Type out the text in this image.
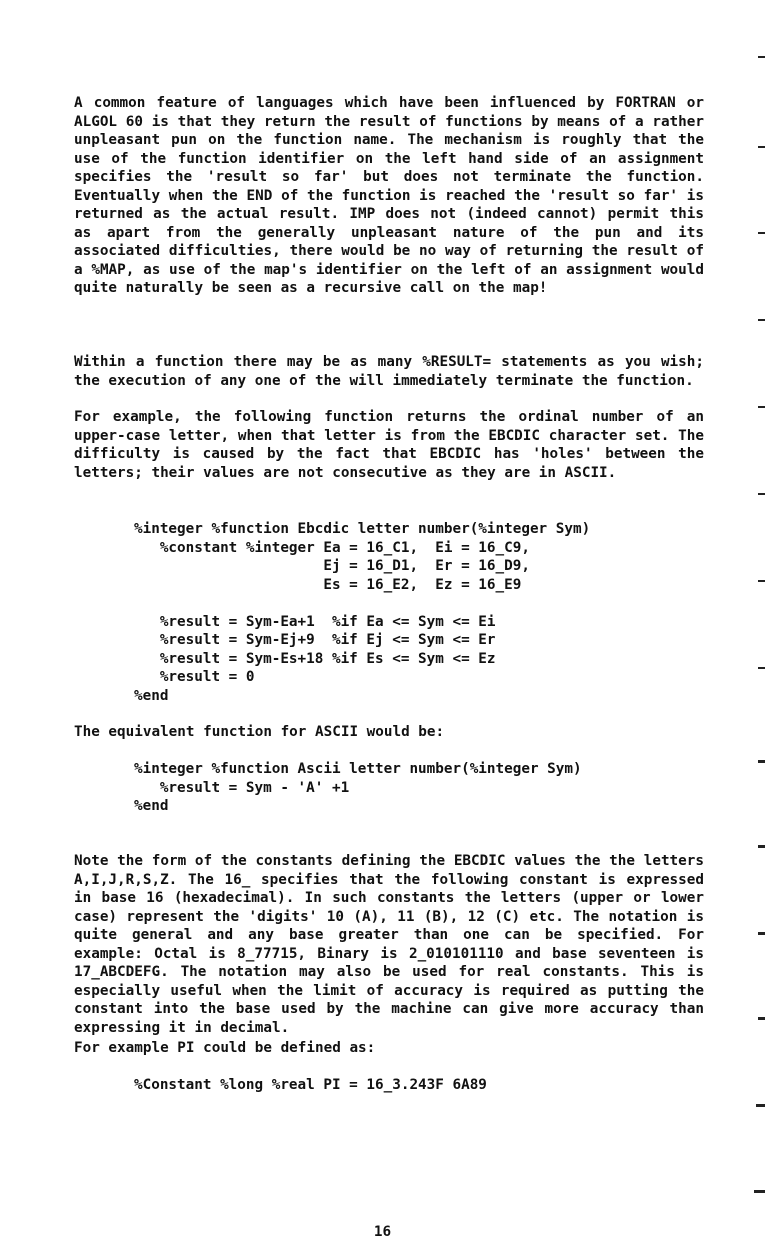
A common feature of languages which have been influenced by FORTRAN or ALGOL 60 is that they return the result of functions by means of a rather unpleasant pun on the function name. The mechanism is roughly that the use of the function identifier on the left hand side of an assignment specifies the 'result so far' but does not terminate the function. Eventually when the END of the function is reached the 'result so far' is returned as the actual result. IMP does not (indeed cannot) permit this as apart from the generally unpleasant nature of the pun and its associated difficulties, there would be no way of returning the result of a %MAP, as use of the map's identifier on the left of an assignment would quite naturally be seen as a recursive call on the map!

Within a function there may be as many %RESULT= statements as you wish; the execution of any one of the will immediately terminate the function.

For example, the following function returns the ordinal number of an upper-case letter, when that letter is from the EBCDIC character set. The difficulty is caused by the fact that EBCDIC has 'holes' between the letters; their values are not consecutive as they are in ASCII.

%integer %function Ebcdic letter number(%integer Sym)
%constant %integer Ea = 16_C1,  Ei = 16_C9,
Ej = 16_D1,  Er = 16_D9,
Es = 16_E2,  Ez = 16_E9

%result = Sym-Ea+1  %if Ea <= Sym <= Ei
%result = Sym-Ej+9  %if Ej <= Sym <= Er
%result = Sym-Es+18 %if Es <= Sym <= Ez
%result = 0
%end

The equivalent function for ASCII would be:

%integer %function Ascii letter number(%integer Sym)
%result = Sym - 'A' +1
%end

Note the form of the constants defining the EBCDIC values the the letters A,I,J,R,S,Z. The 16_ specifies that the following constant is expressed in base 16 (hexadecimal). In such constants the letters (upper or lower case) represent the 'digits' 10 (A), 11 (B), 12 (C) etc. The notation is quite general and any base greater than one can be specified. For example: Octal is 8_77715, Binary is 2_010101110 and base seventeen is 17_ABCDEFG. The notation may also be used for real constants. This is especially useful when the limit of accuracy is required as putting the constant into the base used by the machine can give more accuracy than expressing it in decimal.

For example PI could be defined as:

%Constant %long %real PI = 16_3.243F 6A89
16
